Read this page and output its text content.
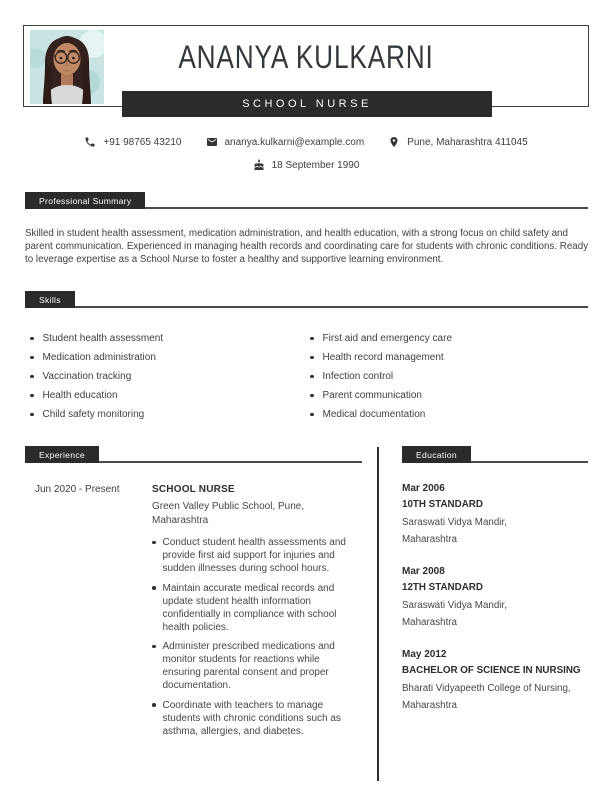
ANANYA KULKARNI
SCHOOL NURSE
+91 98765 43210	ananya.kulkarni@example.com	Pune, Maharashtra 411045
18 September 1990
Professional Summary

Skilled in student health assessment, medication administration, and health education, with a strong focus on child safety and parent communication. Experienced in managing health records and coordinating care for students with chronic conditions. Ready to leverage expertise as a School Nurse to foster a healthy and supportive learning environment.

Skills
Student health assessment
Medication administration
Vaccination tracking
Health education
Child safety monitoring
First aid and emergency care
Health record management
Infection control
Parent communication
Medical documentation
Experience
Jun 2020 - Present	SCHOOL NURSE
Green Valley Public School, Pune, Maharashtra
Conduct student health assessments and provide first aid support for injuries and sudden illnesses during school hours.
Maintain accurate medical records and update student health information confidentially in compliance with school health policies.
Administer prescribed medications and monitor students for reactions while ensuring parental consent and proper documentation.
Coordinate with teachers to manage students with chronic conditions such as asthma, allergies, and diabetes.
Education
Mar 2006
10TH STANDARD
Saraswati Vidya Mandir,
Maharashtra
Mar 2008
12TH STANDARD
Saraswati Vidya Mandir,
Maharashtra
May 2012
BACHELOR OF SCIENCE IN NURSING
Bharati Vidyapeeth College of Nursing,
Maharashtra
